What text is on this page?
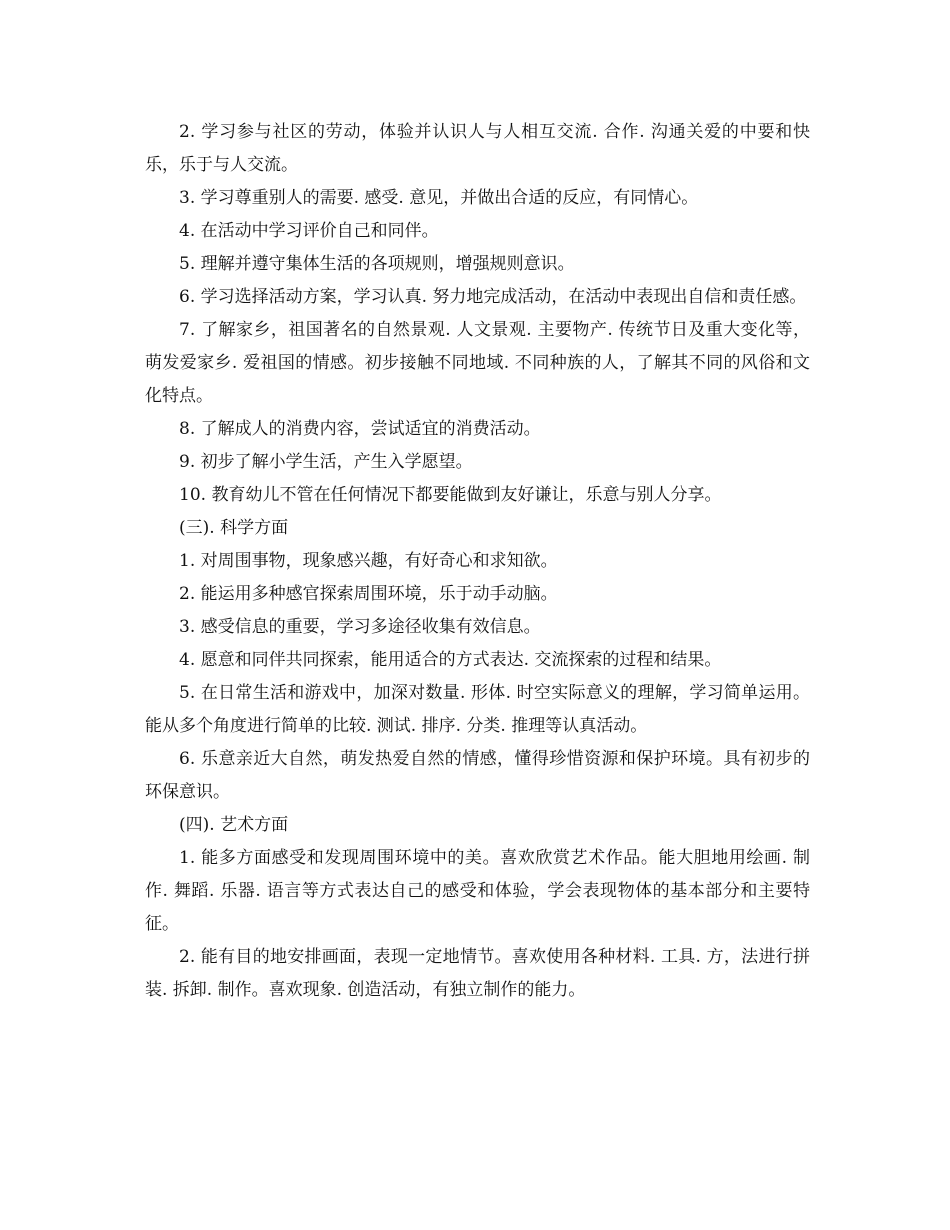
2. 学习参与社区的劳动，体验并认识人与人相互交流. 合作. 沟通关爱的中要和快乐，乐于与人交流。

3. 学习尊重别人的需要. 感受. 意见，并做出合适的反应，有同情心。

4. 在活动中学习评价自己和同伴。

5. 理解并遵守集体生活的各项规则，增强规则意识。

6. 学习选择活动方案，学习认真. 努力地完成活动，在活动中表现出自信和责任感。

7. 了解家乡，祖国著名的自然景观. 人文景观. 主要物产. 传统节日及重大变化等，萌发爱家乡. 爱祖国的情感。初步接触不同地域. 不同种族的人，了解其不同的风俗和文化特点。

8. 了解成人的消费内容，尝试适宜的消费活动。

9. 初步了解小学生活，产生入学愿望。

10. 教育幼儿不管在任何情况下都要能做到友好谦让，乐意与别人分享。

(三). 科学方面

1. 对周围事物，现象感兴趣，有好奇心和求知欲。

2. 能运用多种感官探索周围环境，乐于动手动脑。

3. 感受信息的重要，学习多途径收集有效信息。

4. 愿意和同伴共同探索，能用适合的方式表达. 交流探索的过程和结果。

5. 在日常生活和游戏中，加深对数量. 形体. 时空实际意义的理解，学习简单运用。能从多个角度进行简单的比较. 测试. 排序. 分类. 推理等认真活动。

6. 乐意亲近大自然，萌发热爱自然的情感，懂得珍惜资源和保护环境。具有初步的环保意识。

(四). 艺术方面

1. 能多方面感受和发现周围环境中的美。喜欢欣赏艺术作品。能大胆地用绘画. 制作. 舞蹈. 乐器. 语言等方式表达自己的感受和体验，学会表现物体的基本部分和主要特征。

2. 能有目的地安排画面，表现一定地情节。喜欢使用各种材料. 工具. 方，法进行拼装. 拆卸. 制作。喜欢现象. 创造活动，有独立制作的能力。
